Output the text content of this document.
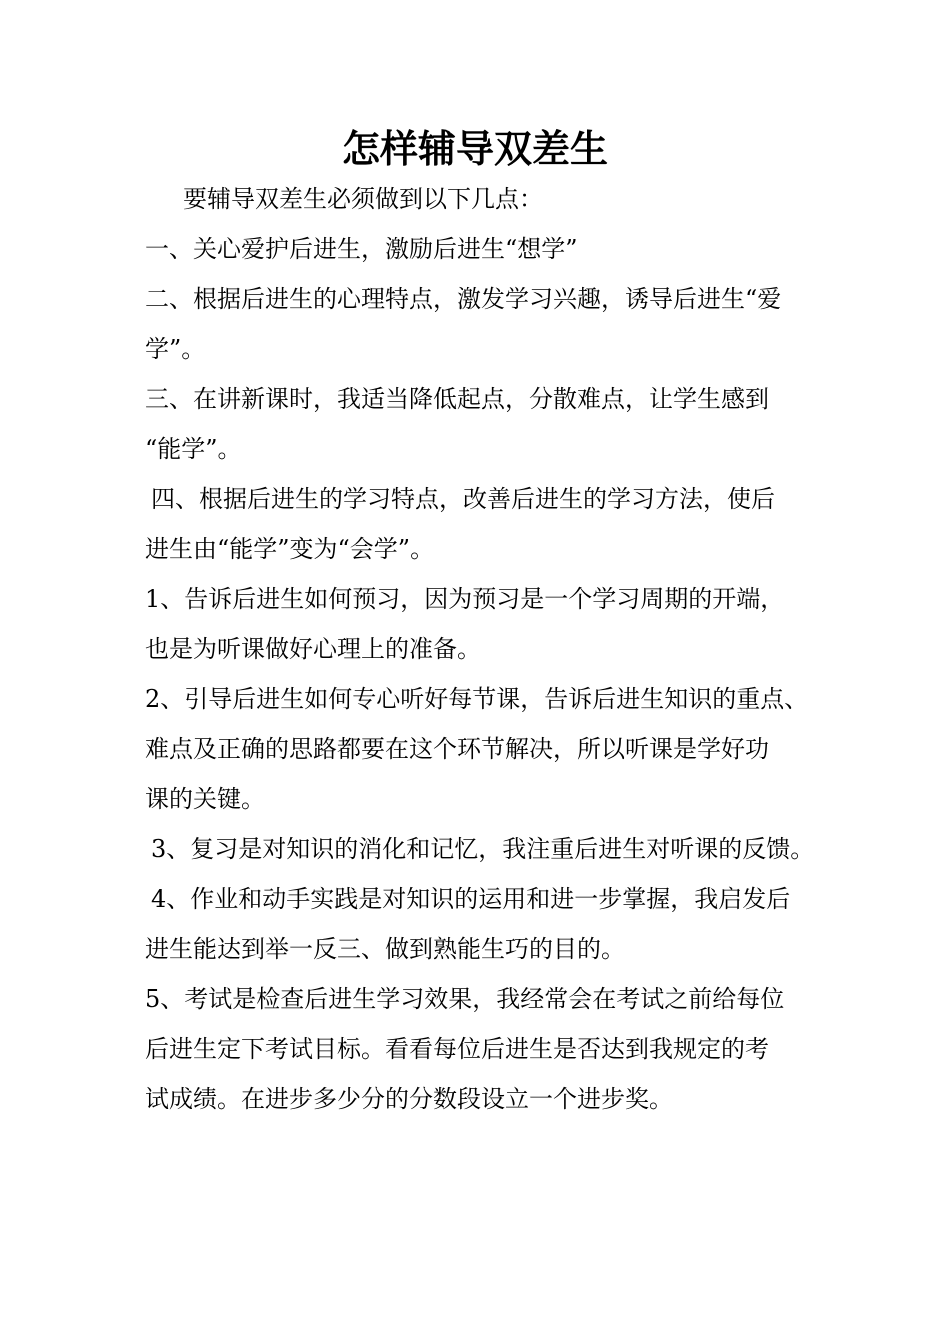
怎样辅导双差生

要辅导双差生必须做到以下几点：

一、关心爱护后进生，激励后进生“想学”

二、根据后进生的心理特点，激发学习兴趣，诱导后进生“爱

学”。

三、在讲新课时，我适当降低起点，分散难点，让学生感到

“能学”。

四、根据后进生的学习特点，改善后进生的学习方法，使后

进生由“能学”变为“会学”。

1、告诉后进生如何预习，因为预习是一个学习周期的开端，

也是为听课做好心理上的准备。

2、引导后进生如何专心听好每节课，告诉后进生知识的重点、

难点及正确的思路都要在这个环节解决，所以听课是学好功

课的关键。

3、复习是对知识的消化和记忆，我注重后进生对听课的反馈。

4、作业和动手实践是对知识的运用和进一步掌握，我启发后

进生能达到举一反三、做到熟能生巧的目的。

5、考试是检查后进生学习效果，我经常会在考试之前给每位

后进生定下考试目标。看看每位后进生是否达到我规定的考

试成绩。在进步多少分的分数段设立一个进步奖。
